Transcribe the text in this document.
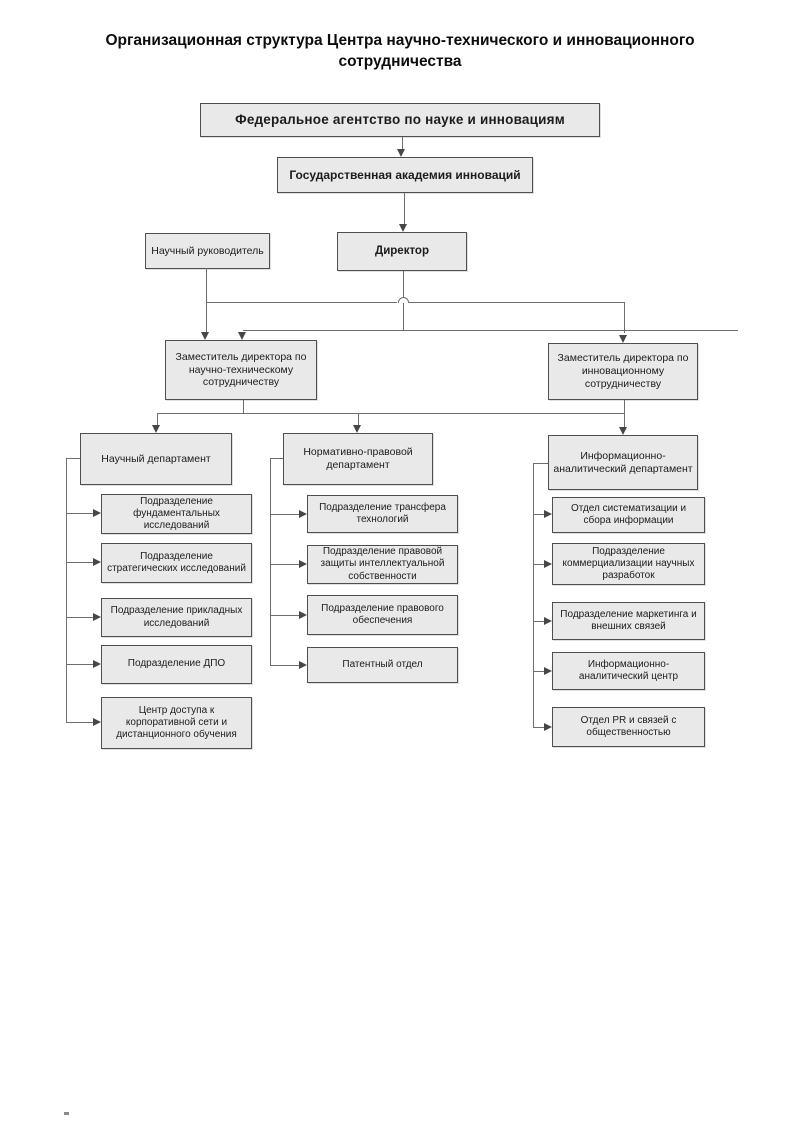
Организационная структура Центра научно-технического и инновационного сотрудничества
Федеральное агентство по науке и инновациям
Государственная академия инноваций
Научный руководитель	Директор
Заместитель директора по научно-техническому сотрудничеству
Заместитель директора по инновационному сотрудничеству
Научный департамент
Нормативно-правовой департамент
Информационно-аналитический департамент
Подразделение фундаментальных исследований
Подразделение стратегических исследований
Подразделение прикладных исследований
Подразделение ДПО
Центр доступа к корпоративной сети и дистанционного обучения
Подразделение трансфера технологий
Подразделение правовой защиты интеллектуальной собственности
Подразделение правового обеспечения
Патентный отдел
Отдел систематизации и сбора информации
Подразделение коммерциализации научных разработок
Подразделение маркетинга и внешних связей
Информационно-аналитический центр
Отдел PR и связей с общественностью
